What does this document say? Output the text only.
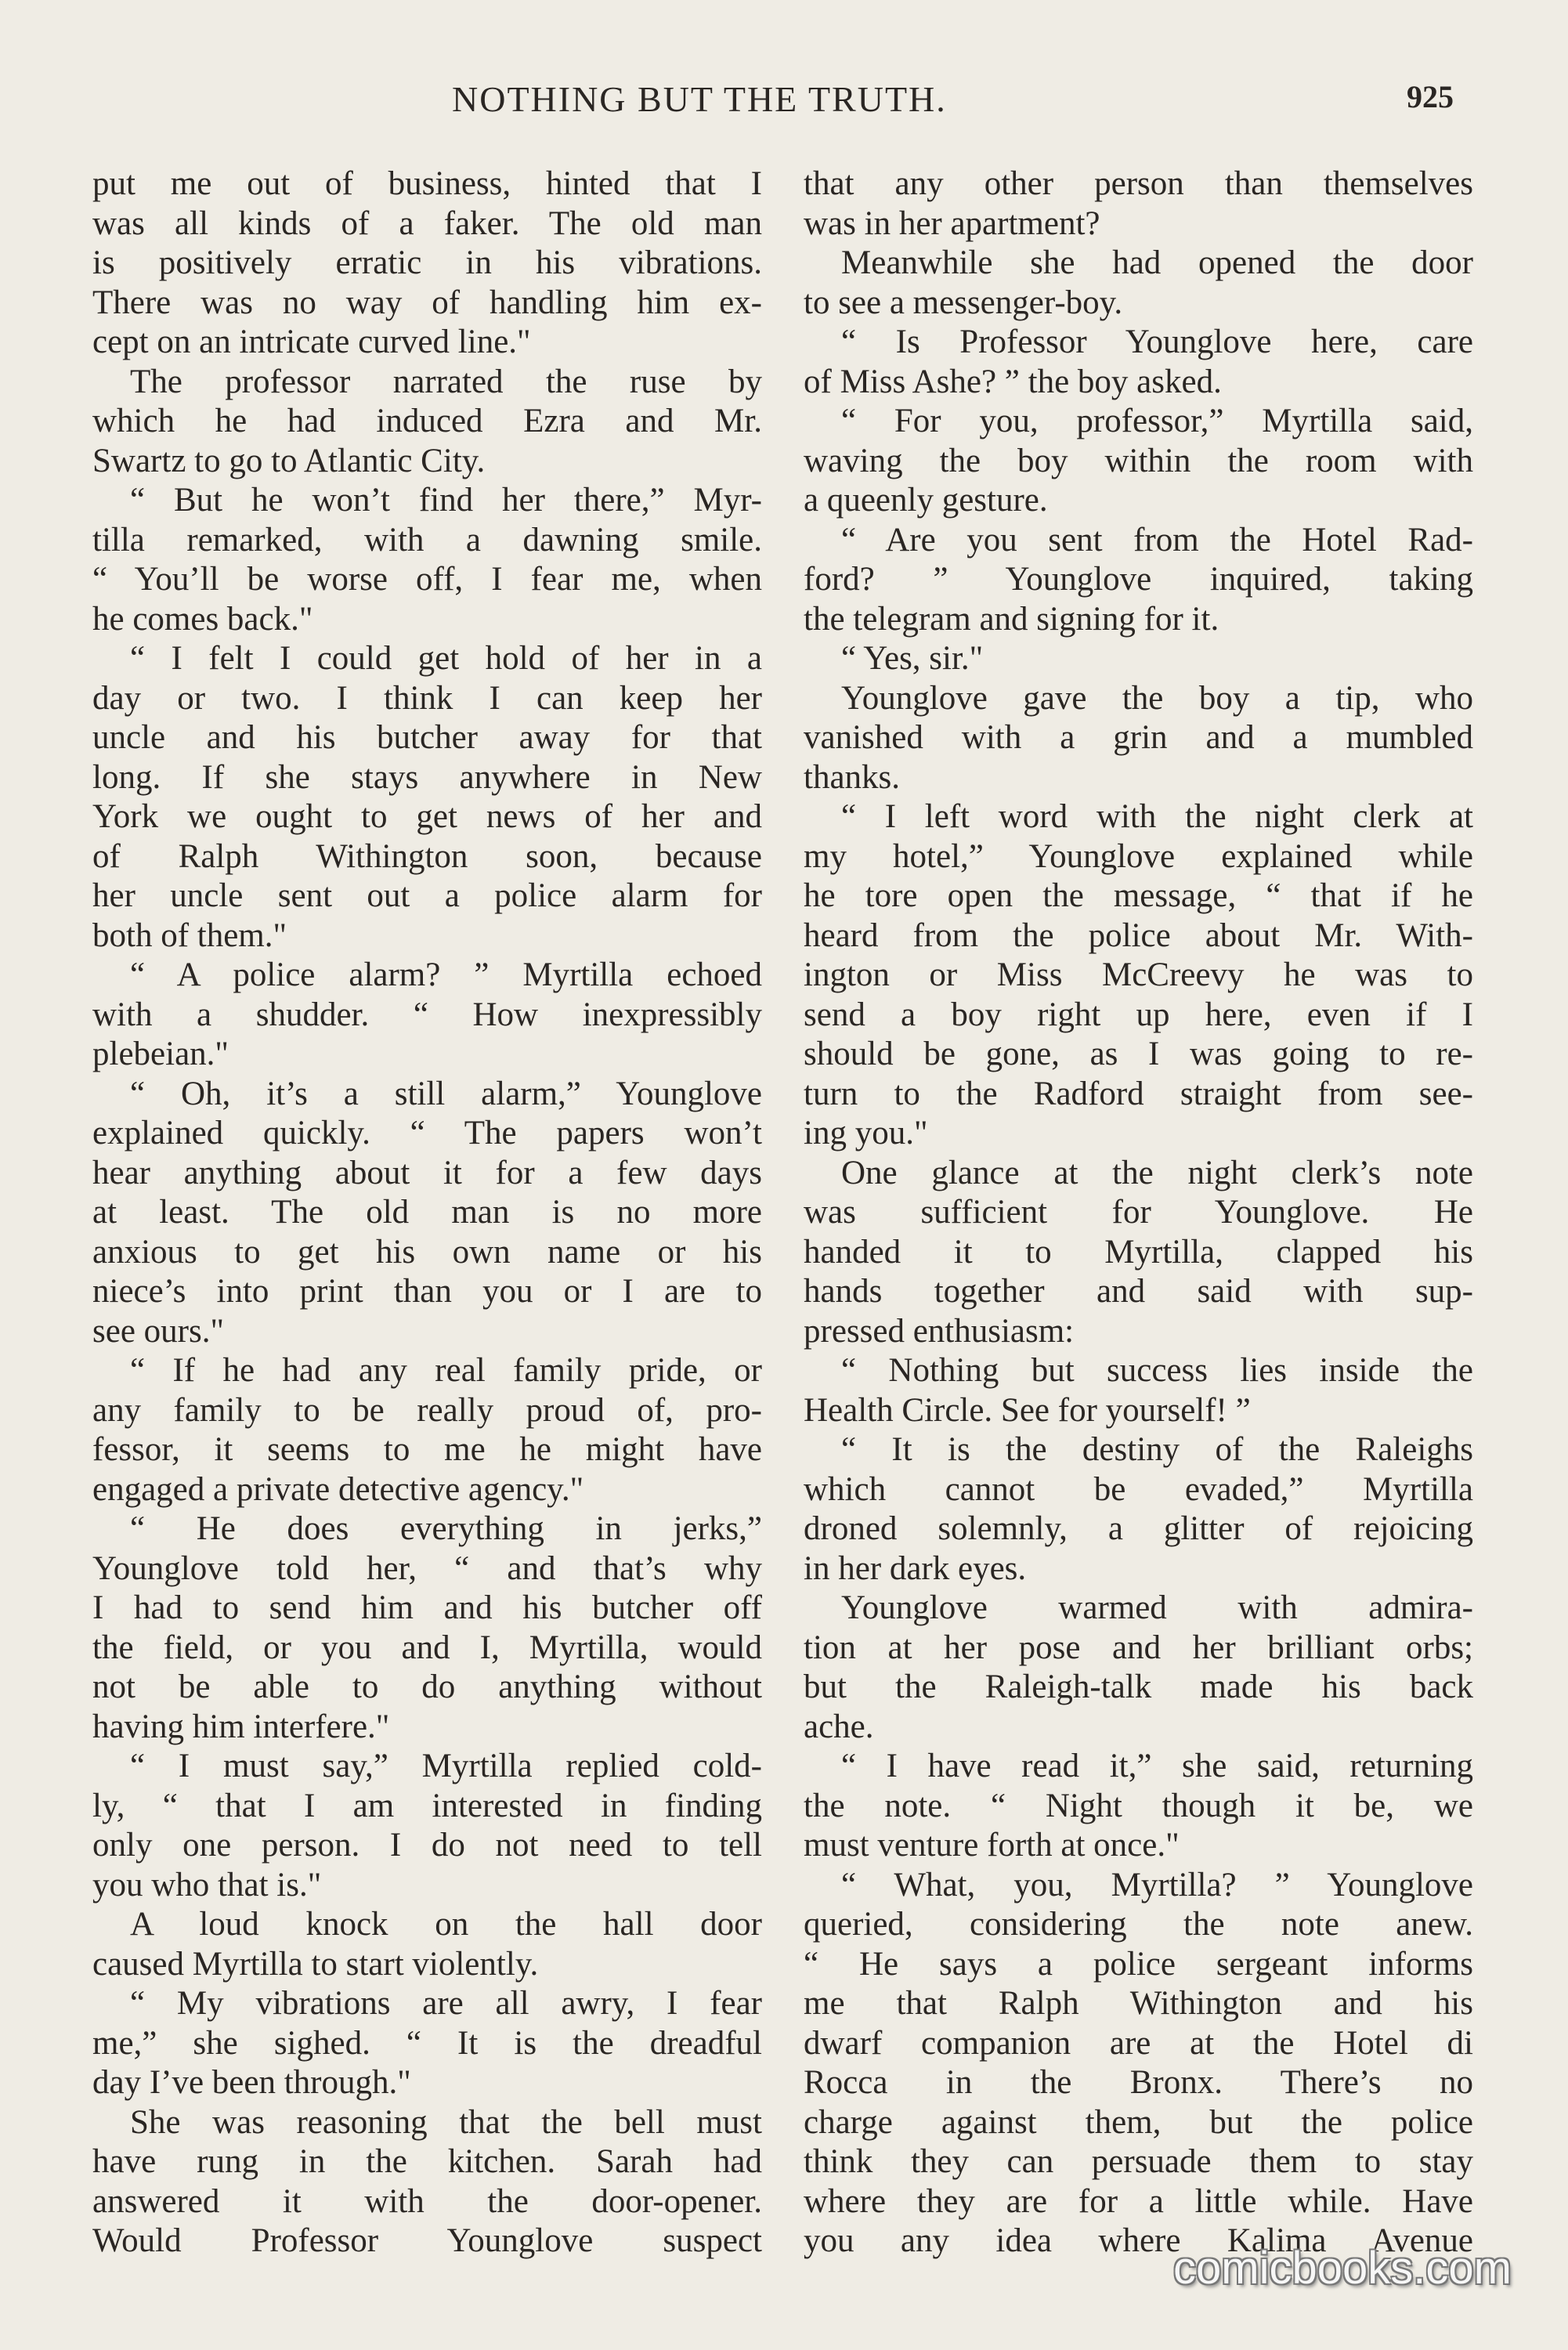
NOTHING BUT THE TRUTH.	925
put me out of business, hinted that I
was all kinds of a faker. The old man
is positively erratic in his vibrations.
There was no way of handling him ex-
cept on an intricate curved line."
The professor narrated the ruse by
which he had induced Ezra and Mr.
Swartz to go to Atlantic City.
“ But he won’t find her there,” Myr-
tilla remarked, with a dawning smile.
“ You’ll be worse off, I fear me, when
he comes back."
“ I felt I could get hold of her in a
day or two. I think I can keep her
uncle and his butcher away for that
long. If she stays anywhere in New
York we ought to get news of her and
of Ralph Withington soon, because
her uncle sent out a police alarm for
both of them."
“ A police alarm? ” Myrtilla echoed
with a shudder. “ How inexpressibly
plebeian."
“ Oh, it’s a still alarm,” Younglove
explained quickly. “ The papers won’t
hear anything about it for a few days
at least. The old man is no more
anxious to get his own name or his
niece’s into print than you or I are to
see ours."
“ If he had any real family pride, or
any family to be really proud of, pro-
fessor, it seems to me he might have
engaged a private detective agency."
“ He does everything in jerks,”
Younglove told her, “ and that’s why
I had to send him and his butcher off
the field, or you and I, Myrtilla, would
not be able to do anything without
having him interfere."
“ I must say,” Myrtilla replied cold-
ly, “ that I am interested in finding
only one person. I do not need to tell
you who that is."
A loud knock on the hall door
caused Myrtilla to start violently.
“ My vibrations are all awry, I fear
me,” she sighed. “ It is the dreadful
day I’ve been through."
She was reasoning that the bell must
have rung in the kitchen. Sarah had
answered it with the door-opener.
Would Professor Younglove suspect
that any other person than themselves
was in her apartment?
Meanwhile she had opened the door
to see a messenger-boy.
“ Is Professor Younglove here, care
of Miss Ashe? ” the boy asked.
“ For you, professor,” Myrtilla said,
waving the boy within the room with
a queenly gesture.
“ Are you sent from the Hotel Rad-
ford? ” Younglove inquired, taking
the telegram and signing for it.
“ Yes, sir."
Younglove gave the boy a tip, who
vanished with a grin and a mumbled
thanks.
“ I left word with the night clerk at
my hotel,” Younglove explained while
he tore open the message, “ that if he
heard from the police about Mr. With-
ington or Miss McCreevy he was to
send a boy right up here, even if I
should be gone, as I was going to re-
turn to the Radford straight from see-
ing you."
One glance at the night clerk’s note
was sufficient for Younglove. He
handed it to Myrtilla, clapped his
hands together and said with sup-
pressed enthusiasm:
“ Nothing but success lies inside the
Health Circle. See for yourself! ”
“ It is the destiny of the Raleighs
which cannot be evaded,” Myrtilla
droned solemnly, a glitter of rejoicing
in her dark eyes.
Younglove warmed with admira-
tion at her pose and her brilliant orbs;
but the Raleigh-talk made his back
ache.
“ I have read it,” she said, returning
the note. “ Night though it be, we
must venture forth at once."
“ What, you, Myrtilla? ” Younglove
queried, considering the note anew.
“ He says a police sergeant informs
me that Ralph Withington and his
dwarf companion are at the Hotel di
Rocca in the Bronx. There’s no
charge against them, but the police
think they can persuade them to stay
where they are for a little while. Have
you any idea where Kalima Avenue
comicbooks.com
